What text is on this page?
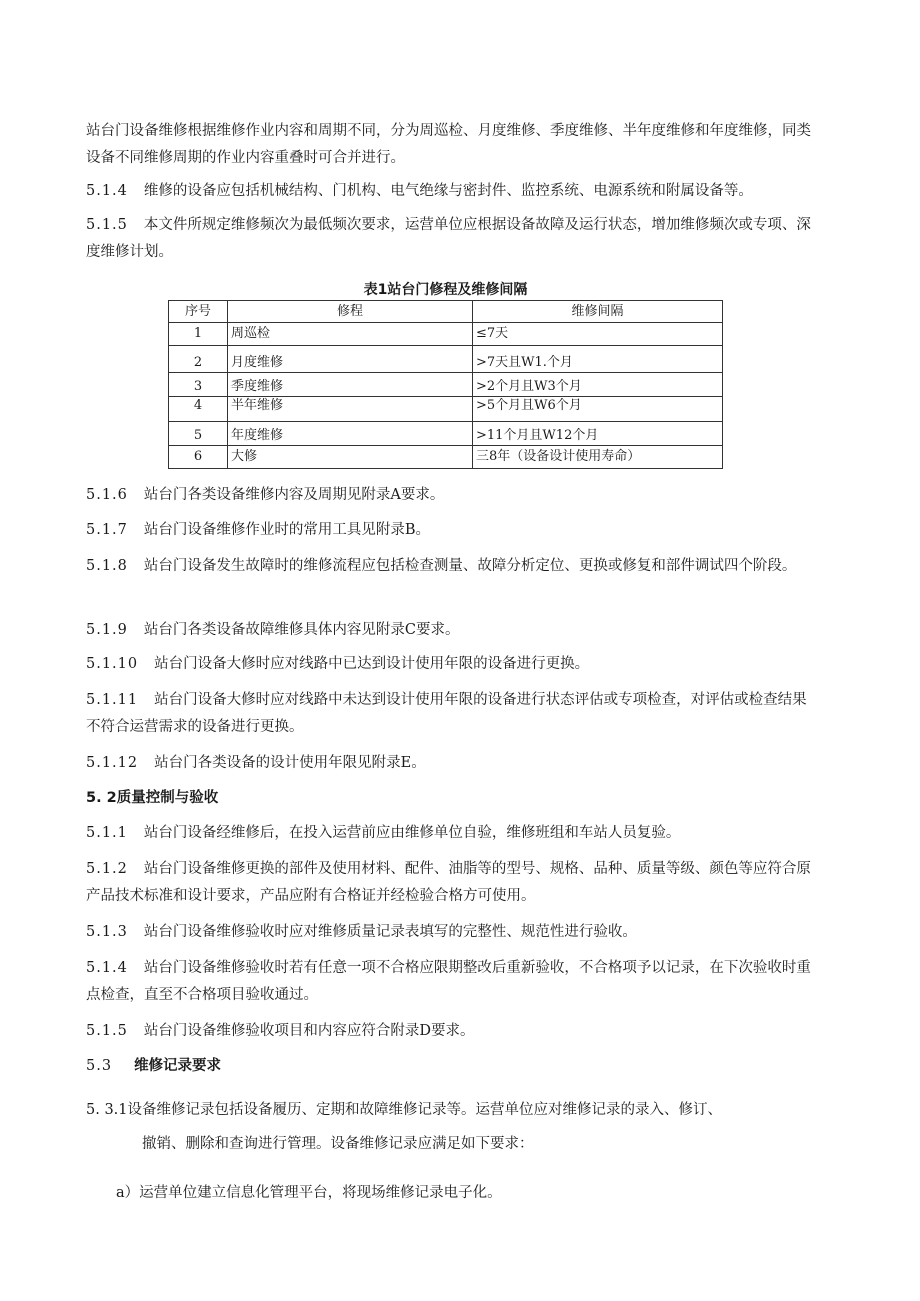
站台门设备维修根据维修作业内容和周期不同，分为周巡检、月度维修、季度维修、半年度维修和年度维修，同类设备不同维修周期的作业内容重叠时可合并进行。
5.1.4 维修的设备应包括机械结构、门机构、电气绝缘与密封件、监控系统、电源系统和附属设备等。
5.1.5 本文件所规定维修频次为最低频次要求，运营单位应根据设备故障及运行状态，增加维修频次或专项、深度维修计划。
表1站台门修程及维修间隔
序号	修程	维修间隔
1	周巡检	≤7天
2	月度维修	>7天且W1.个月
3	季度维修	>2个月且W3个月
4	半年维修	>5个月且W6个月
5	年度维修	>11个月且W12个月
6	大修	三8年（设备设计使用寿命）
5.1.6 站台门各类设备维修内容及周期见附录A要求。
5.1.7 站台门设备维修作业时的常用工具见附录B。
5.1.8 站台门设备发生故障时的维修流程应包括检查测量、故障分析定位、更换或修复和部件调试四个阶段。
5.1.9 站台门各类设备故障维修具体内容见附录C要求。
5.1.10 站台门设备大修时应对线路中已达到设计使用年限的设备进行更换。
5.1.11 站台门设备大修时应对线路中未达到设计使用年限的设备进行状态评估或专项检查，对评估或检查结果不符合运营需求的设备进行更换。
5.1.12 站台门各类设备的设计使用年限见附录E。
5. 2质量控制与验收
5.1.1 站台门设备经维修后，在投入运营前应由维修单位自验，维修班组和车站人员复验。
5.1.2 站台门设备维修更换的部件及使用材料、配件、油脂等的型号、规格、品种、质量等级、颜色等应符合原产品技术标准和设计要求，产品应附有合格证并经检验合格方可使用。
5.1.3 站台门设备维修验收时应对维修质量记录表填写的完整性、规范性进行验收。
5.1.4 站台门设备维修验收时若有任意一项不合格应限期整改后重新验收，不合格项予以记录，在下次验收时重点检查，直至不合格项目验收通过。
5.1.5 站台门设备维修验收项目和内容应符合附录D要求。
5.3 维修记录要求
5. 3.1设备维修记录包括设备履历、定期和故障维修记录等。运营单位应对维修记录的录入、修订、
撤销、删除和查询进行管理。设备维修记录应满足如下要求：
a）运营单位建立信息化管理平台，将现场维修记录电子化。
